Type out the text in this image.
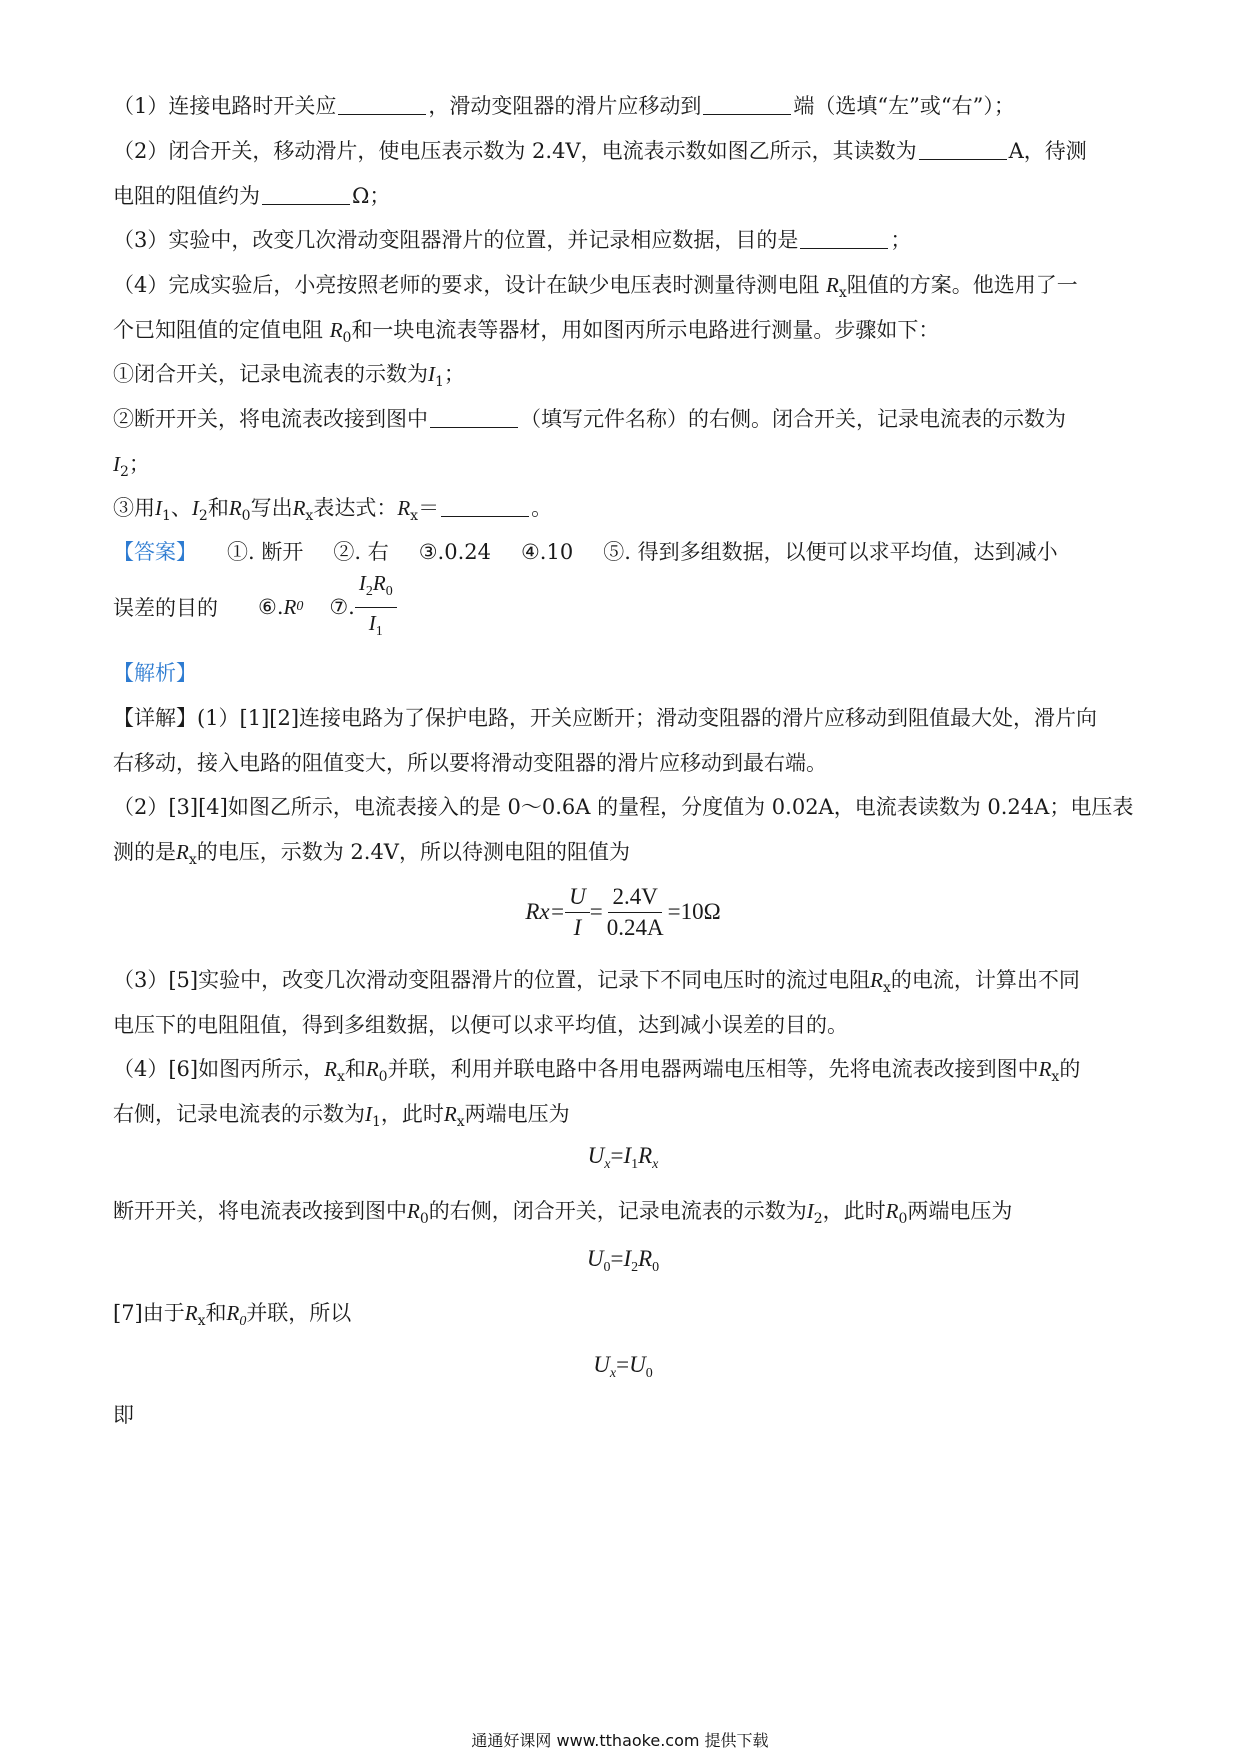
（1）连接电路时开关应	，滑动变阻器的滑片应移动到	端（选填“左”或“右”）；
（2）闭合开关，移动滑片，使电压表示数为 2.4V，电流表示数如图乙所示，其读数为	A，待测
电阻的阻值约为	Ω；
（3）实验中，改变几次滑动变阻器滑片的位置，并记录相应数据，目的是	；
（4）完成实验后，小亮按照老师的要求，设计在缺少电压表时测量待测电阻 $R_x$阻值的方案。他选用了一
个已知阻值的定值电阻 $R_0$和一块电流表等器材，用如图丙所示电路进行测量。步骤如下：
①闭合开关，记录电流表的示数为$I_1$；
②断开开关，将电流表改接到图中	（填写元件名称）的右侧。闭合开关，记录电流表的示数为
$I_2$；
③用$I_1$、$I_2$和$R_0$写出$R_x$表达式：$R_x=$	。
【答案】 ①. 断开 ②. 右 ③.0.24 ④.10 ⑤. 得到多组数据，以便可以求平均值，达到减小
误差的目的 ⑥. R 0 ⑦. $\frac{I_2R_0}{I_1}$
【解析】
【详解】(1）[1][2]连接电路为了保护电路，开关应断开；滑动变阻器的滑片应移动到阻值最大处，滑片向
右移动，接入电路的阻值变大，所以要将滑动变阻器的滑片应移动到最右端。
（2）[3][4]如图乙所示，电流表接入的是 0～0.6A 的量程，分度值为 0.02A，电流表读数为 0.24A；电压表
测的是$R_x$的电压，示数为 2.4V，所以待测电阻的阻值为
$Rx= \frac{U}{I} = \frac{2.4V}{0.24A} =10\Omega$
（3）[5]实验中，改变几次滑动变阻器滑片的位置，记录下不同电压时的流过电阻$R_x$的电流，计算出不同
电压下的电阻阻值，得到多组数据，以便可以求平均值，达到减小误差的目的。
（4）[6]如图丙所示，$R_x$和$R_0$并联，利用并联电路中各用电器两端电压相等，先将电流表改接到图中$R_x$的
右侧，记录电流表的示数为$I_1$，此时$R_x$两端电压为
$U_x=I_1R_x$
断开开关，将电流表改接到图中$R_0$的右侧，闭合开关，记录电流表的示数为$I_2$，此时$R_0$两端电压为
$U_0=I_2R_0$
[7]由于$R_x$和$R_0$并联，所以
$U_x=U_0$
即
通通好课网 www.tthaoke.com 提供下载
